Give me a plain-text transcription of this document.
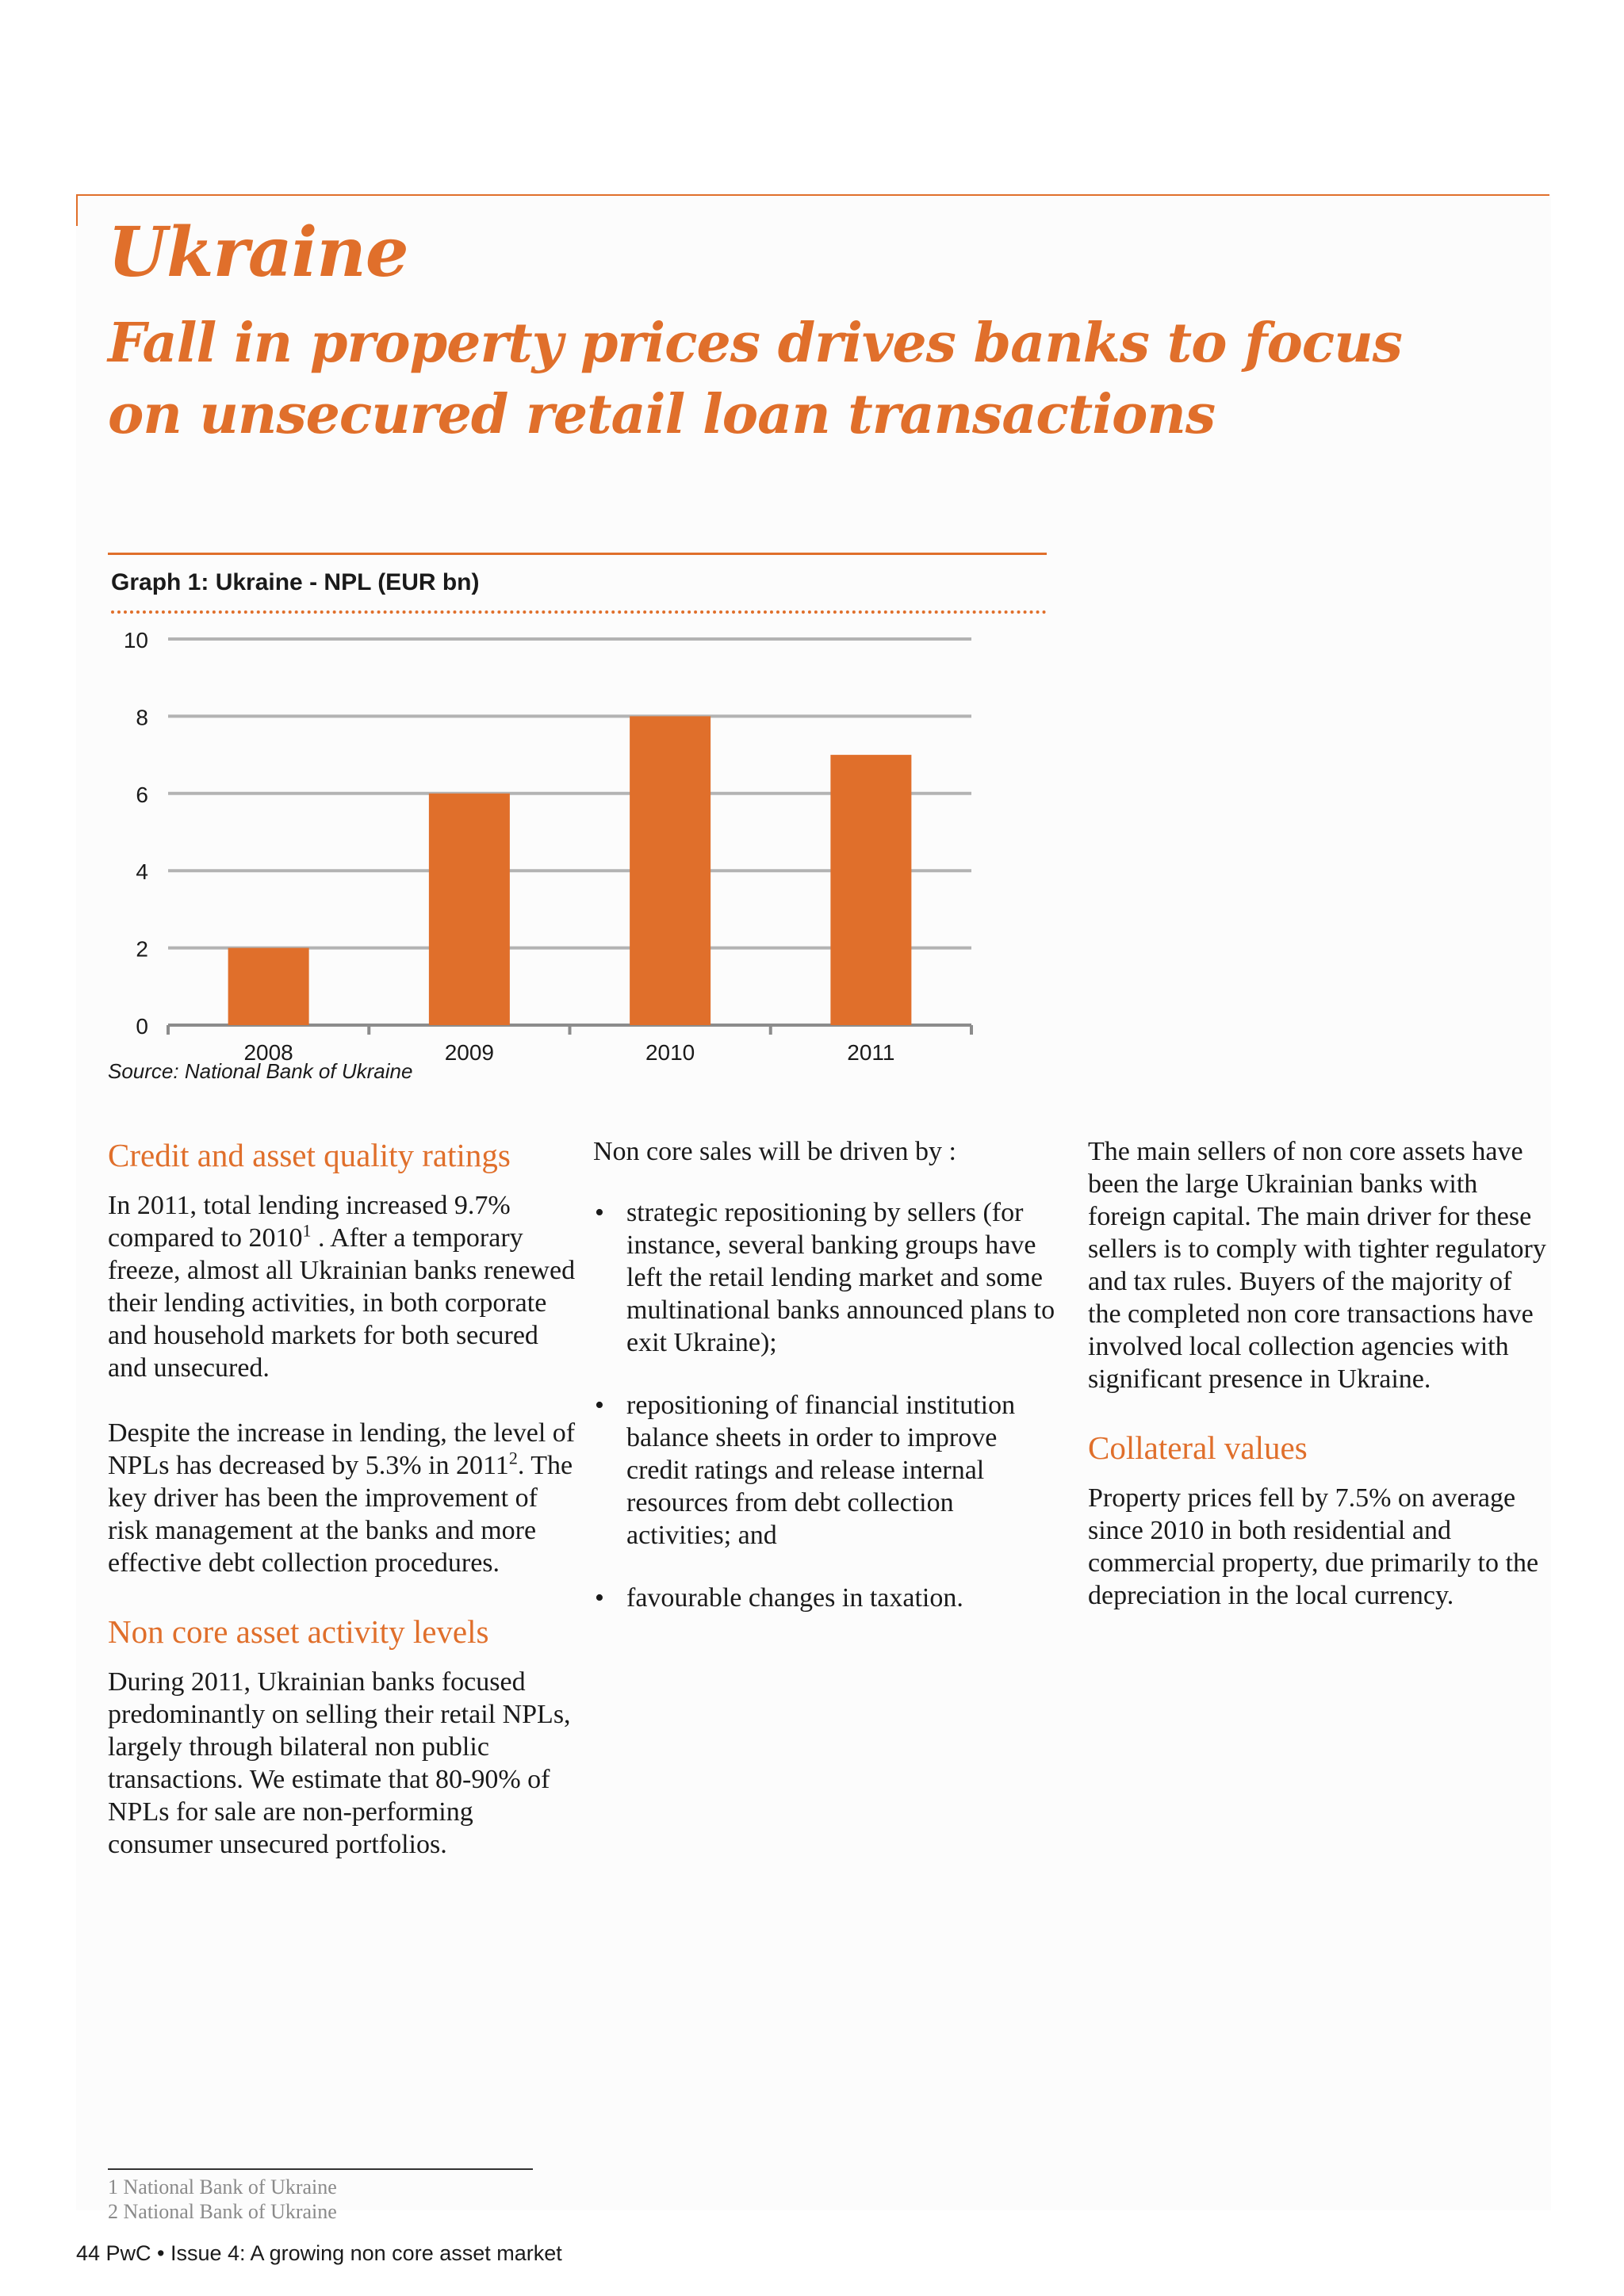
Ukraine
Fall in property prices drives banks to focus on unsecured retail loan transactions
Graph 1: Ukraine - NPL (EUR bn)
0
2
4
6
8
10
2008	2009	2010	2011
Source: National Bank of Ukraine
Credit and asset quality ratings

In 2011, total lending increased 9.7% compared to 2010$^1$ . After a temporary freeze, almost all Ukrainian banks renewed their lending activities, in both corporate and household markets for both secured and unsecured.

Despite the increase in lending, the level of NPLs has decreased by 5.3% in 2011$^2$. The key driver has been the improvement of risk management at the banks and more effective debt collection procedures.

Non core asset activity levels

During 2011, Ukrainian banks focused predominantly on selling their retail NPLs, largely through bilateral non public transactions. We estimate that 80-90% of NPLs for sale are non-performing consumer unsecured portfolios.

Non core sales will be driven by :

• strategic repositioning by sellers (for instance, several banking groups have left the retail lending market and some multinational banks announced plans to exit Ukraine);
• repositioning of financial institution balance sheets in order to improve credit ratings and release internal resources from debt collection activities; and
• favourable changes in taxation.

The main sellers of non core assets have been the large Ukrainian banks with foreign capital. The main driver for these sellers is to comply with tighter regulatory and tax rules. Buyers of the majority of the completed non core transactions have involved local collection agencies with significant presence in Ukraine.

Collateral values

Property prices fell by 7.5% on average since 2010 in both residential and commercial property, due primarily to the depreciation in the local currency.

1 National Bank of Ukraine
2 National Bank of Ukraine
44 PwC • Issue 4: A growing non core asset market
